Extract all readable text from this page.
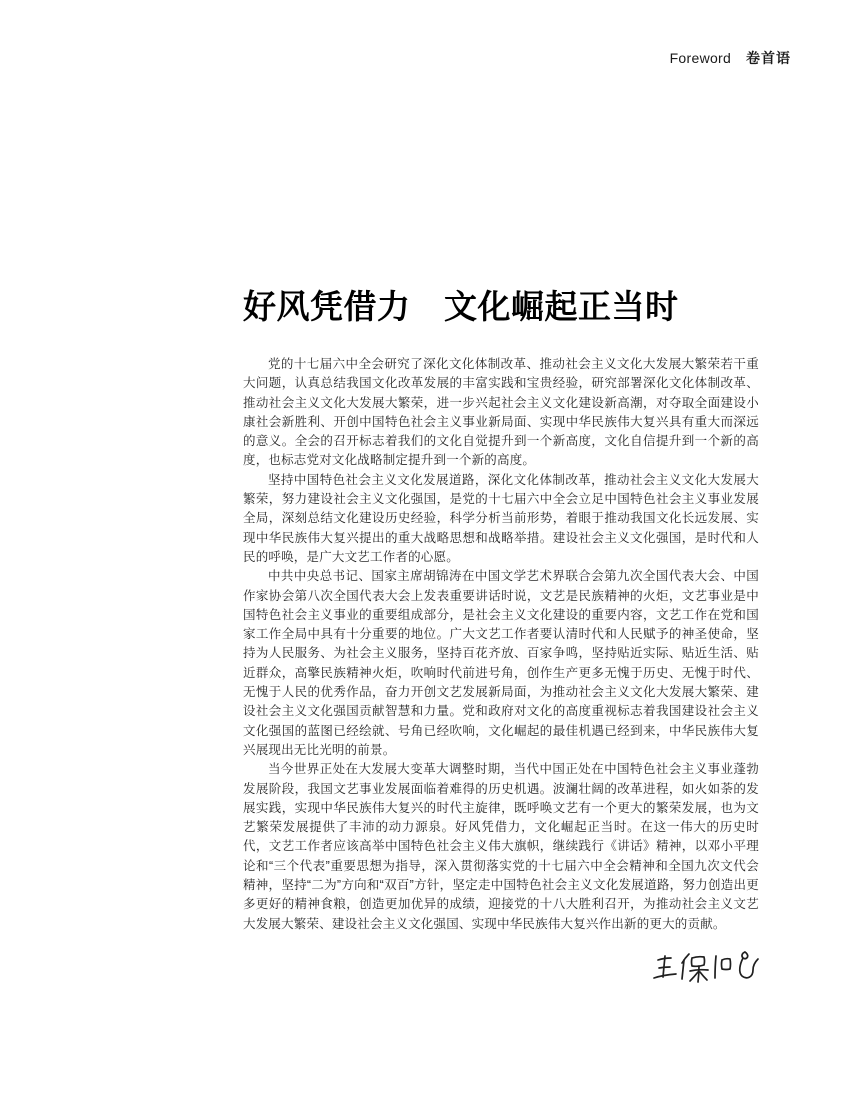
Foreword 卷首语
好风凭借力　文化崛起正当时

党的十七届六中全会研究了深化文化体制改革、推动社会主义文化大发展大繁荣若干重大问题，认真总结我国文化改革发展的丰富实践和宝贵经验，研究部署深化文化体制改革、推动社会主义文化大发展大繁荣，进一步兴起社会主义文化建设新高潮，对夺取全面建设小康社会新胜利、开创中国特色社会主义事业新局面、实现中华民族伟大复兴具有重大而深远的意义。全会的召开标志着我们的文化自觉提升到一个新高度，文化自信提升到一个新的高度，也标志党对文化战略制定提升到一个新的高度。

坚持中国特色社会主义文化发展道路，深化文化体制改革，推动社会主义文化大发展大繁荣，努力建设社会主义文化强国，是党的十七届六中全会立足中国特色社会主义事业发展全局，深刻总结文化建设历史经验，科学分析当前形势，着眼于推动我国文化长远发展、实现中华民族伟大复兴提出的重大战略思想和战略举措。建设社会主义文化强国，是时代和人民的呼唤，是广大文艺工作者的心愿。

中共中央总书记、国家主席胡锦涛在中国文学艺术界联合会第九次全国代表大会、中国作家协会第八次全国代表大会上发表重要讲话时说，文艺是民族精神的火炬，文艺事业是中国特色社会主义事业的重要组成部分，是社会主义文化建设的重要内容，文艺工作在党和国家工作全局中具有十分重要的地位。广大文艺工作者要认清时代和人民赋予的神圣使命，坚持为人民服务、为社会主义服务，坚持百花齐放、百家争鸣，坚持贴近实际、贴近生活、贴近群众，高擎民族精神火炬，吹响时代前进号角，创作生产更多无愧于历史、无愧于时代、无愧于人民的优秀作品，奋力开创文艺发展新局面，为推动社会主义文化大发展大繁荣、建设社会主义文化强国贡献智慧和力量。党和政府对文化的高度重视标志着我国建设社会主义文化强国的蓝图已经绘就、号角已经吹响，文化崛起的最佳机遇已经到来，中华民族伟大复兴展现出无比光明的前景。

当今世界正处在大发展大变革大调整时期，当代中国正处在中国特色社会主义事业蓬勃发展阶段，我国文艺事业发展面临着难得的历史机遇。波澜壮阔的改革进程，如火如荼的发展实践，实现中华民族伟大复兴的时代主旋律，既呼唤文艺有一个更大的繁荣发展，也为文艺繁荣发展提供了丰沛的动力源泉。好风凭借力，文化崛起正当时。在这一伟大的历史时代，文艺工作者应该高举中国特色社会主义伟大旗帜，继续践行《讲话》精神，以邓小平理论和“三个代表”重要思想为指导，深入贯彻落实党的十七届六中全会精神和全国九次文代会精神，坚持“二为”方向和“双百”方针，坚定走中国特色社会主义文化发展道路，努力创造出更多更好的精神食粮，创造更加优异的成绩，迎接党的十八大胜利召开，为推动社会主义文艺大发展大繁荣、建设社会主义文化强国、实现中华民族伟大复兴作出新的更大的贡献。
